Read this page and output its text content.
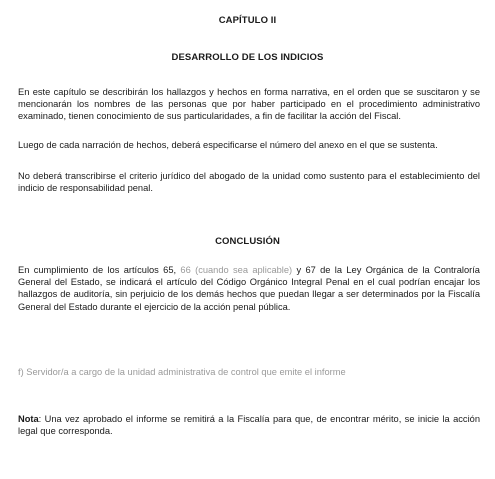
CAPÍTULO II
DESARROLLO DE LOS INDICIOS

En este capítulo se describirán los hallazgos y hechos en forma narrativa, en el orden que se suscitaron y se mencionarán los nombres de las personas que por haber participado en el procedimiento administrativo examinado, tienen conocimiento de sus particularidades, a fin de facilitar la acción del Fiscal.

Luego de cada narración de hechos, deberá especificarse el número del anexo en el que se sustenta.

No deberá transcribirse el criterio jurídico del abogado de la unidad como sustento para el establecimiento del indicio de responsabilidad penal.

CONCLUSIÓN

En cumplimiento de los artículos 65, 66 (cuando sea aplicable) y 67 de la Ley Orgánica de la Contraloría General del Estado, se indicará el artículo del Código Orgánico Integral Penal en el cual podrían encajar los hallazgos de auditoría, sin perjuicio de los demás hechos que puedan llegar a ser determinados por la Fiscalía General del Estado durante el ejercicio de la acción penal pública.

f) Servidor/a a cargo de la unidad administrativa de control que emite el informe

Nota: Una vez aprobado el informe se remitirá a la Fiscalía para que, de encontrar mérito, se inicie la acción legal que corresponda.
